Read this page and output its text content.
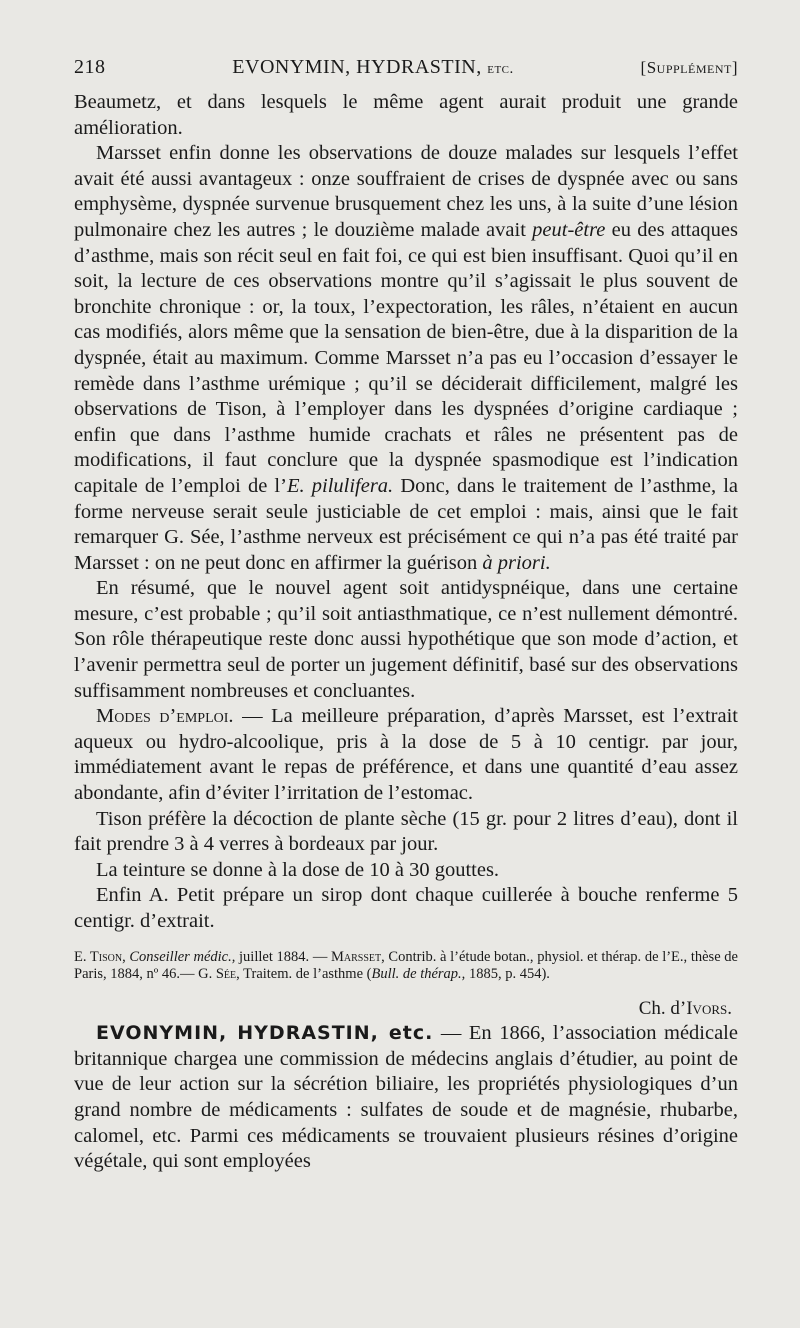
218	EVONYMIN, HYDRASTIN, etc.	[Supplément]

Beaumetz, et dans lesquels le même agent aurait produit une grande amélioration.

Marsset enfin donne les observations de douze malades sur lesquels l’effet avait été aussi avantageux : onze souffraient de crises de dyspnée avec ou sans emphysème, dyspnée survenue brusquement chez les uns, à la suite d’une lésion pulmonaire chez les autres ; le douzième malade avait peut-être eu des attaques d’asthme, mais son récit seul en fait foi, ce qui est bien insuffisant. Quoi qu’il en soit, la lecture de ces observations montre qu’il s’agissait le plus souvent de bronchite chronique : or, la toux, l’expectoration, les râles, n’étaient en aucun cas modifiés, alors même que la sensation de bien-être, due à la disparition de la dyspnée, était au maximum. Comme Marsset n’a pas eu l’occasion d’essayer le remède dans l’asthme urémique ; qu’il se déciderait difficilement, malgré les observations de Tison, à l’employer dans les dyspnées d’origine cardiaque ; enfin que dans l’asthme humide crachats et râles ne présentent pas de modifications, il faut conclure que la dyspnée spasmodique est l’indication capitale de l’emploi de l’E. pilulifera. Donc, dans le traitement de l’asthme, la forme nerveuse serait seule justiciable de cet emploi : mais, ainsi que le fait remarquer G. Sée, l’asthme nerveux est précisément ce qui n’a pas été traité par Marsset : on ne peut donc en affirmer la guérison à priori.

En résumé, que le nouvel agent soit antidyspnéique, dans une certaine mesure, c’est probable ; qu’il soit antiasthmatique, ce n’est nullement démontré. Son rôle thérapeutique reste donc aussi hypothétique que son mode d’action, et l’avenir permettra seul de porter un jugement définitif, basé sur des observations suffisamment nombreuses et concluantes.

Modes d’emploi. — La meilleure préparation, d’après Marsset, est l’extrait aqueux ou hydro-alcoolique, pris à la dose de 5 à 10 centigr. par jour, immédiatement avant le repas de préférence, et dans une quantité d’eau assez abondante, afin d’éviter l’irritation de l’estomac.

Tison préfère la décoction de plante sèche (15 gr. pour 2 litres d’eau), dont il fait prendre 3 à 4 verres à bordeaux par jour.

La teinture se donne à la dose de 10 à 30 gouttes.

Enfin A. Petit prépare un sirop dont chaque cuillerée à bouche renferme 5 centigr. d’extrait.

E. Tison, Conseiller médic., juillet 1884. — Marsset, Contrib. à l’étude botan., physiol. et thérap. de l’E., thèse de Paris, 1884, nº 46.— G. Sée, Traitem. de l’asthme (Bull. de thérap., 1885, p. 454).

Ch. d’Ivors.

EVONYMIN, HYDRASTIN, etc. — En 1866, l’association médicale britannique chargea une commission de médecins anglais d’étudier, au point de vue de leur action sur la sécrétion biliaire, les propriétés physiologiques d’un grand nombre de médicaments : sulfates de soude et de magnésie, rhubarbe, calomel, etc. Parmi ces médicaments se trouvaient plusieurs résines d’origine végétale, qui sont employées
